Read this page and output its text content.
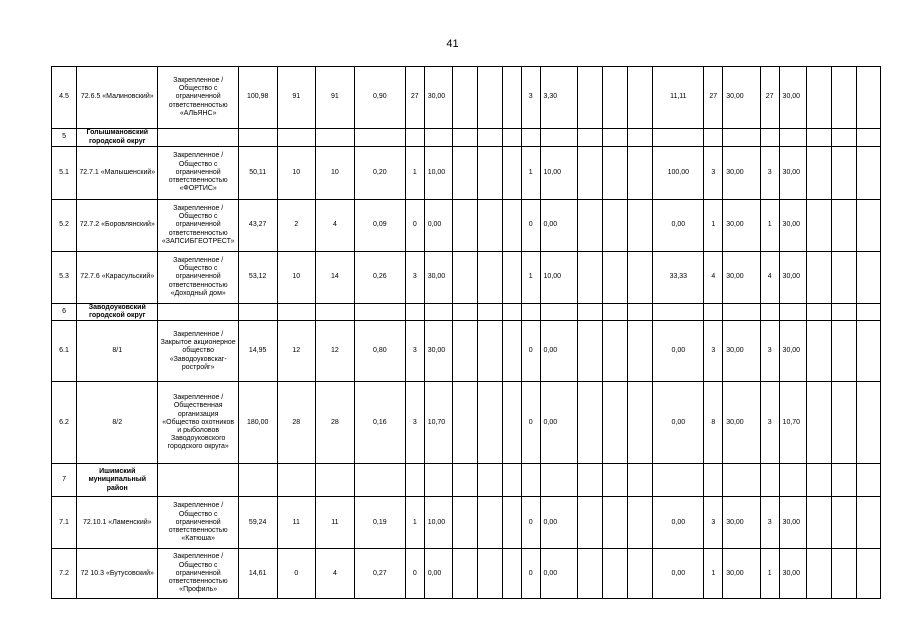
41
4.5	72.6.5 «Малиновский»	Закрепленное / Общество с ограниченной ответственностью «АЛЬЯНС»	100,98	91	91	0,90	27	30,00				3	3,30				11,11	27	30,00	27	30,00			
5	Голышмановский городской округ																							
5.1	72.7.1 «Малышенский»	Закрепленное / Общество с ограниченной ответственностью «ФОРТИС»	50,11	10	10	0,20	1	10,00				1	10,00				100,00	3	30,00	3	30,00			
5.2	72.7.2 «Боровлянский»	Закрепленное / Общество с ограниченной ответственностью «ЗАПСИБГЕОТРЕСТ»	43,27	2	4	0,09	0	0,00				0	0,00				0,00	1	30,00	1	30,00			
5.3	72.7.6 «Карасульский»	Закрепленное / Общество с ограниченной ответственностью «Доходный дом»	53,12	10	14	0,26	3	30,00				1	10,00				33,33	4	30,00	4	30,00			
6	Заводоуковский городской округ																							
6.1	8/1	Закрепленное / Закрытое акционерное общество «Заводоуковскаг-ростройг»	14,95	12	12	0,80	3	30,00				0	0,00				0,00	3	30,00	3	30,00			
6.2	8/2	Закрепленное / Общественная организация «Общество охотников и рыболовов Заводоуковского городского округа»	180,00	28	28	0,16	3	10,70				0	0,00				0,00	8	30,00	3	10,70			
7	Ишимский муниципальный район																							
7.1	72.10.1 «Ламенский»	Закрепленное / Общество с ограниченной ответственностью «Катюша»	59,24	11	11	0,19	1	10,00				0	0,00				0,00	3	30,00	3	30,00			
7.2	72 10.3 «Бутусовский»	Закрепленное / Общество с ограниченной ответственностью «Профиль»	14,61	0	4	0,27	0	0,00				0	0,00				0,00	1	30,00	1	30,00			
